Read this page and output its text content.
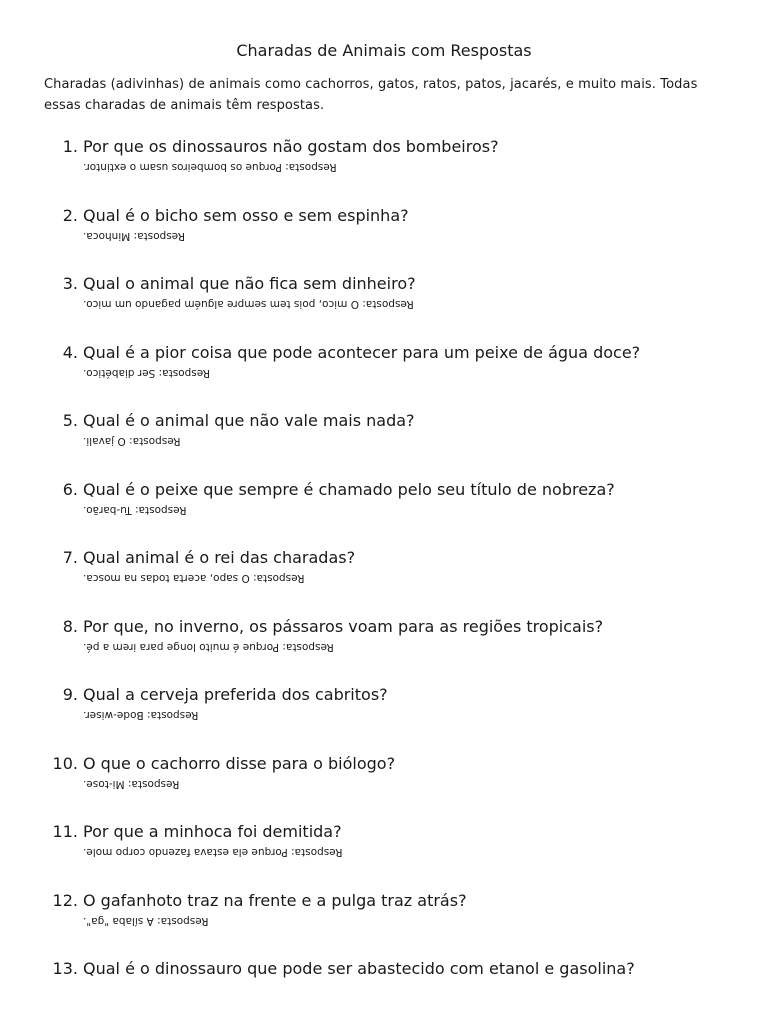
Charadas de Animais com Respostas

Charadas (adivinhas) de animais como cachorros, gatos, ratos, patos, jacarés, e muito mais. Todas essas charadas de animais têm respostas.

1. Por que os dinossauros não gostam dos bombeiros?
Resposta: Porque os bombeiros usam o extintor.
2. Qual é o bicho sem osso e sem espinha?
Resposta: Minhoca.
3. Qual o animal que não fica sem dinheiro?
Resposta: O mico, pois tem sempre alguém pagando um mico.
4. Qual é a pior coisa que pode acontecer para um peixe de água doce?
Resposta: Ser diabético.
5. Qual é o animal que não vale mais nada?
Resposta: O javali.
6. Qual é o peixe que sempre é chamado pelo seu título de nobreza?
Resposta: Tu-barão.
7. Qual animal é o rei das charadas?
Resposta: O sapo, acerta todas na mosca.
8. Por que, no inverno, os pássaros voam para as regiões tropicais?
Resposta: Porque é muito longe para irem a pé.
9. Qual a cerveja preferida dos cabritos?
Resposta: Bode-wiser.
10. O que o cachorro disse para o biólogo?
Resposta: Mi-tose.
11. Por que a minhoca foi demitida?
Resposta: Porque ela estava fazendo corpo mole.
12. O gafanhoto traz na frente e a pulga traz atrás?
Resposta: A sílaba "ga".
13. Qual é o dinossauro que pode ser abastecido com etanol e gasolina?
